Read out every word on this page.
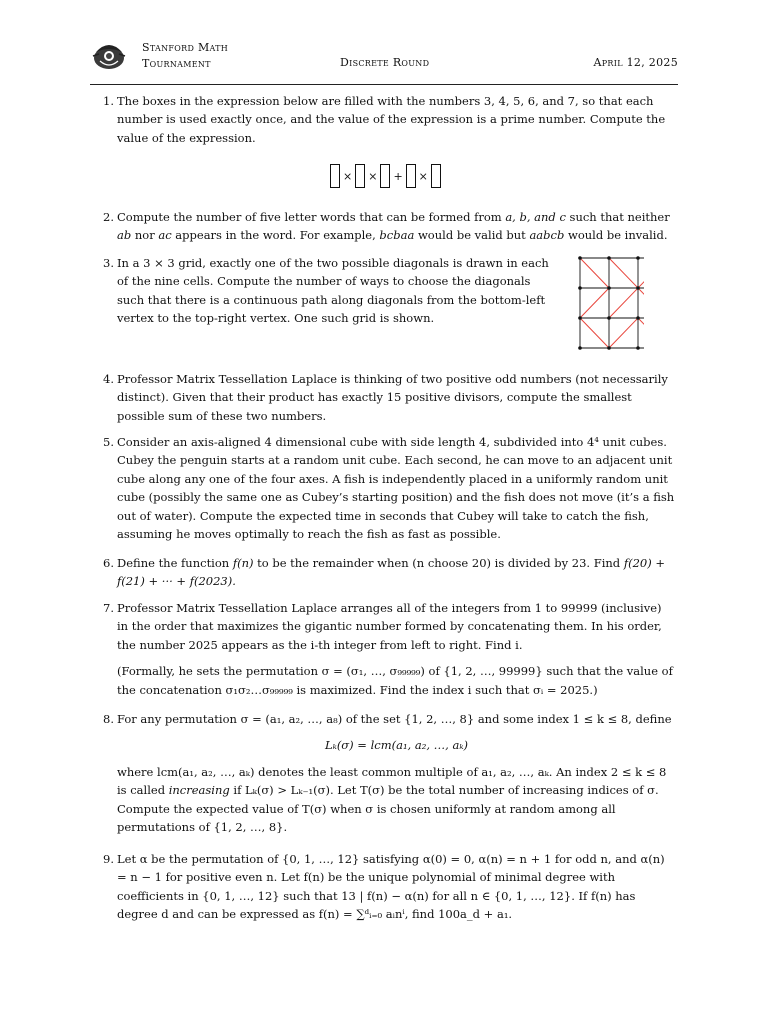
Stanford Math
Tournament	Discrete Round	April 12, 2025
1. The boxes in the expression below are filled with the numbers 3, 4, 5, 6, and 7, so that each number is used exactly once, and the value of the expression is a prime number. Compute the value of the expression.

× × + ×
2. Compute the number of five letter words that can be formed from a, b, and c such that neither ab nor ac appears in the word. For example, bcbaa would be valid but aabcb would be invalid.

3. In a 3 × 3 grid, exactly one of the two possible diagonals is drawn in each of the nine cells. Compute the number of ways to choose the diagonals such that there is a continuous path along diagonals from the bottom-left vertex to the top-right vertex. One such grid is shown.

4. Professor Matrix Tessellation Laplace is thinking of two positive odd numbers (not necessarily distinct). Given that their product has exactly 15 positive divisors, compute the smallest possible sum of these two numbers.

5. Consider an axis-aligned 4 dimensional cube with side length 4, subdivided into 4⁴ unit cubes. Cubey the penguin starts at a random unit cube. Each second, he can move to an adjacent unit cube along any one of the four axes. A fish is independently placed in a uniformly random unit cube (possibly the same one as Cubey’s starting position) and the fish does not move (it’s a fish out of water). Compute the expected time in seconds that Cubey will take to catch the fish, assuming he moves optimally to reach the fish as fast as possible.

6. Define the function f(n) to be the remainder when (n choose 20) is divided by 23. Find f(20) + f(21) + ··· + f(2023).

7. Professor Matrix Tessellation Laplace arranges all of the integers from 1 to 99999 (inclusive) in the order that maximizes the gigantic number formed by concatenating them. In his order, the number 2025 appears as the i-th integer from left to right. Find i.

(Formally, he sets the permutation σ = (σ₁, …, σ₉₉₉₉₉) of {1, 2, …, 99999} such that the value of the concatenation σ₁σ₂…σ₉₉₉₉₉ is maximized. Find the index i such that σᵢ = 2025.)

8. For any permutation σ = (a₁, a₂, …, a₈) of the set {1, 2, …, 8} and some index 1 ≤ k ≤ 8, define

Lₖ(σ) = lcm(a₁, a₂, …, aₖ)

where lcm(a₁, a₂, …, aₖ) denotes the least common multiple of a₁, a₂, …, aₖ. An index 2 ≤ k ≤ 8 is called increasing if Lₖ(σ) > Lₖ₋₁(σ). Let T(σ) be the total number of increasing indices of σ. Compute the expected value of T(σ) when σ is chosen uniformly at random among all permutations of {1, 2, …, 8}.

9. Let α be the permutation of {0, 1, …, 12} satisfying α(0) = 0, α(n) = n + 1 for odd n, and α(n) = n − 1 for positive even n. Let f(n) be the unique polynomial of minimal degree with coefficients in {0, 1, …, 12} such that 13 | f(n) − α(n) for all n ∈ {0, 1, …, 12}. If f(n) has degree d and can be expressed as f(n) = ∑ᵈᵢ₌₀ aᵢnⁱ, find 100a_d + a₁.
